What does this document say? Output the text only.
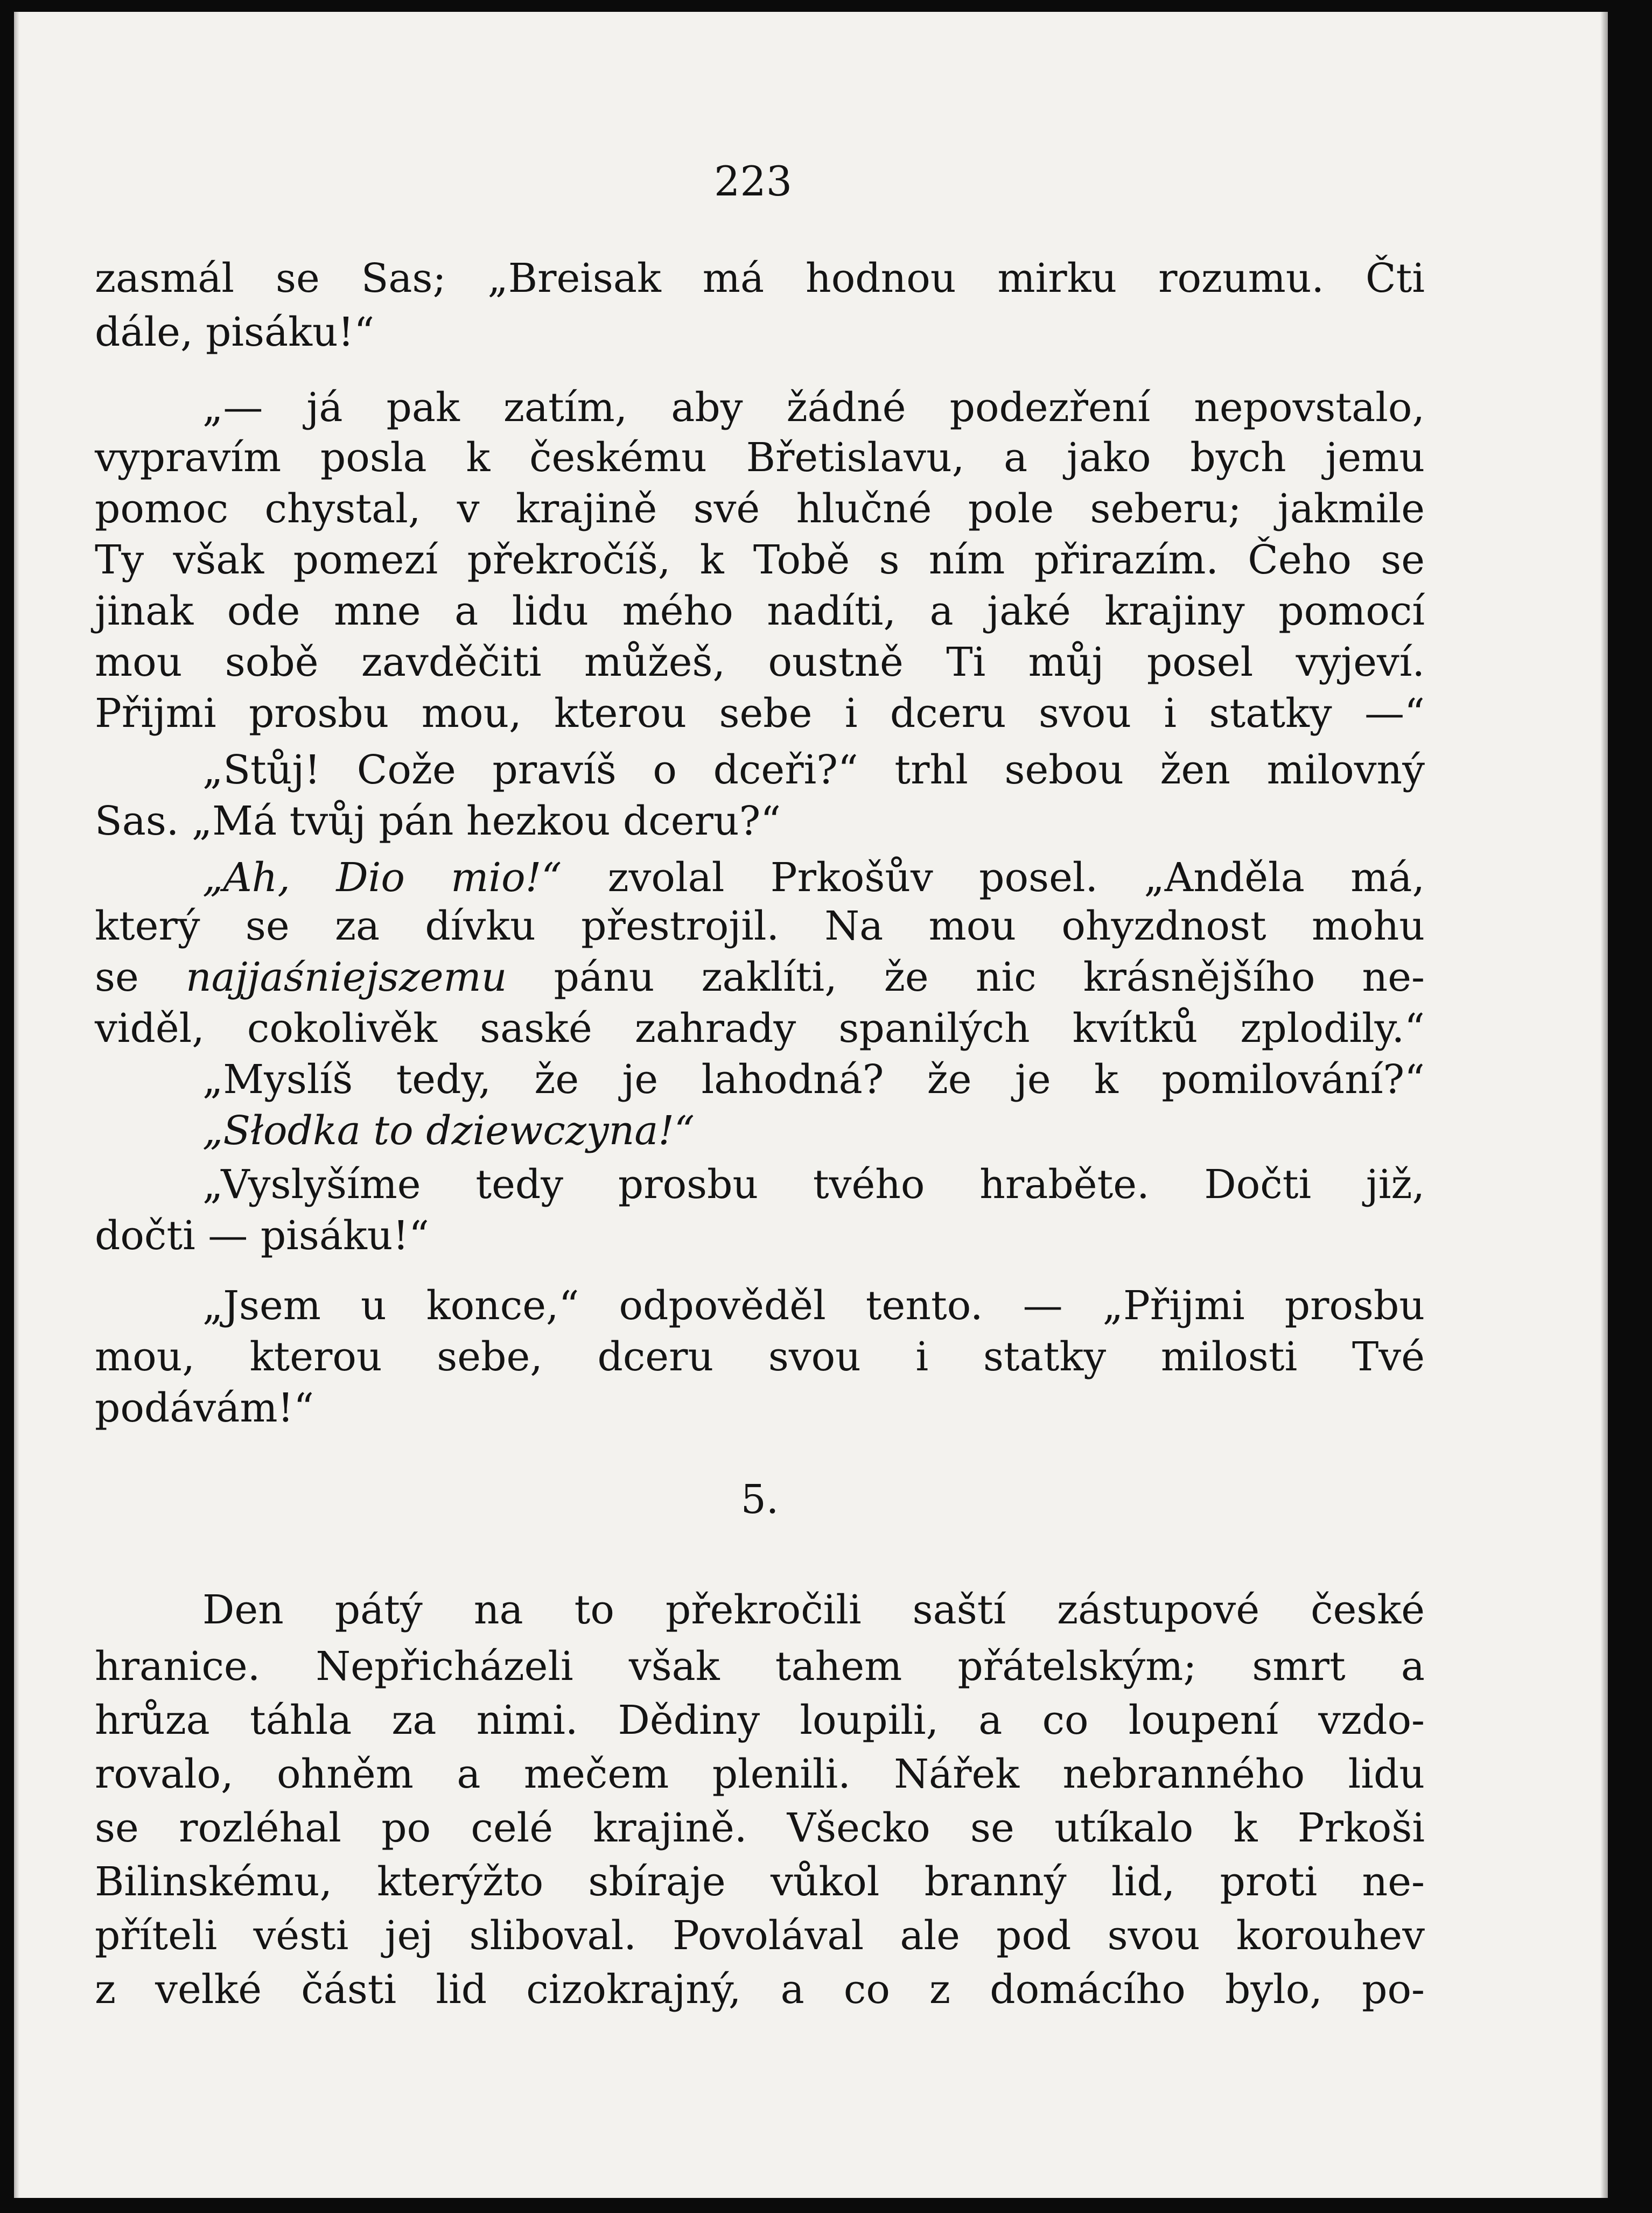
223
zasmál se Sas; „Breisak má hodnou mirku rozumu. Čti
dále, pisáku!“
„— já pak zatím, aby žádné podezření nepovstalo,
vypravím posla k českému Břetislavu, a jako bych jemu
pomoc chystal, v krajině své hlučné pole seberu; jakmile
Ty však pomezí překročíš, k Tobě s ním přirazím. Čeho se
jinak ode mne a lidu mého nadíti, a jaké krajiny pomocí
mou sobě zavděčiti můžeš, oustně Ti můj posel vyjeví.
Přijmi prosbu mou, kterou sebe i dceru svou i statky —“
„Stůj! Cože pravíš o dceři?“ trhl sebou žen milovný
Sas. „Má tvůj pán hezkou dceru?“
„Ah, Dio mio!“ zvolal Prkošův posel. „Anděla má,
který se za dívku přestrojil. Na mou ohyzdnost mohu
se najjaśniejszemu pánu zaklíti, že nic krásnějšího ne-
viděl, cokolivěk saské zahrady spanilých kvítků zplodily.“
„Myslíš tedy, že je lahodná? že je k pomilování?“
„Słodka to dziewczyna!“
„Vyslyšíme tedy prosbu tvého hraběte. Dočti již,
dočti — pisáku!“
„Jsem u konce,“ odpověděl tento. — „Přijmi prosbu
mou, kterou sebe, dceru svou i statky milosti Tvé
podávám!“
5.
Den pátý na to překročili saští zástupové české
hranice. Nepřicházeli však tahem přátelským; smrt a
hrůza táhla za nimi. Dědiny loupili, a co loupení vzdo-
rovalo, ohněm a mečem plenili. Nářek nebranného lidu
se rozléhal po celé krajině. Všecko se utíkalo k Prkoši
Bilinskému, kterýžto sbíraje vůkol branný lid, proti ne-
příteli vésti jej sliboval. Povolával ale pod svou korouhev
z velké části lid cizokrajný, a co z domácího bylo, po-
